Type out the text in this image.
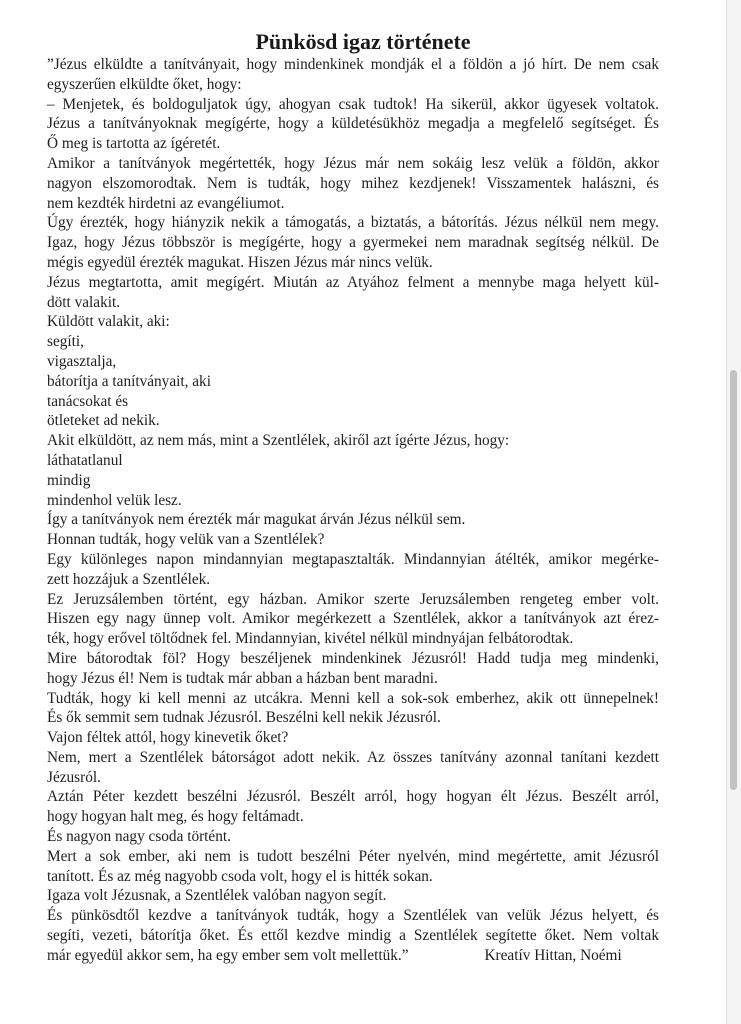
Pünkösd igaz története
”Jézus elküldte a tanítványait, hogy mindenkinek mondják el a földön a jó hírt. De nem csak
egyszerűen elküldte őket, hogy:
– Menjetek, és boldoguljatok úgy, ahogyan csak tudtok! Ha sikerül, akkor ügyesek voltatok.
Jézus a tanítványoknak megígérte, hogy a küldetésükhöz megadja a megfelelő segítséget. És
Ő meg is tartotta az ígéretét.
Amikor a tanítványok megértették, hogy Jézus már nem sokáig lesz velük a földön, akkor
nagyon elszomorodtak. Nem is tudták, hogy mihez kezdjenek! Visszamentek halászni, és
nem kezdték hirdetni az evangéliumot.
Úgy érezték, hogy hiányzik nekik a támogatás, a biztatás, a bátorítás. Jézus nélkül nem megy.
Igaz, hogy Jézus többször is megígérte, hogy a gyermekei nem maradnak segítség nélkül. De
mégis egyedül érezték magukat. Hiszen Jézus már nincs velük.
Jézus megtartotta, amit megígért. Miután az Atyához felment a mennybe maga helyett kül-
dött valakit.
Küldött valakit, aki:
segíti,
vigasztalja,
bátorítja a tanítványait, aki
tanácsokat és
ötleteket ad nekik.
Akit elküldött, az nem más, mint a Szentlélek, akiről azt ígérte Jézus, hogy:
láthatatlanul
mindig
mindenhol velük lesz.
Így a tanítványok nem érezték már magukat árván Jézus nélkül sem.
Honnan tudták, hogy velük van a Szentlélek?
Egy különleges napon mindannyian megtapasztalták. Mindannyian átélték, amikor megérke-
zett hozzájuk a Szentlélek.
Ez Jeruzsálemben történt, egy házban. Amikor szerte Jeruzsálemben rengeteg ember volt.
Hiszen egy nagy ünnep volt. Amikor megérkezett a Szentlélek, akkor a tanítványok azt érez-
ték, hogy erővel töltődnek fel. Mindannyian, kivétel nélkül mindnyájan felbátorodtak.
Mire bátorodtak föl? Hogy beszéljenek mindenkinek Jézusról! Hadd tudja meg mindenki,
hogy Jézus él! Nem is tudtak már abban a házban bent maradni.
Tudták, hogy ki kell menni az utcákra. Menni kell a sok-sok emberhez, akik ott ünnepelnek!
És ők semmit sem tudnak Jézusról. Beszélni kell nekik Jézusról.
Vajon féltek attól, hogy kinevetik őket?
Nem, mert a Szentlélek bátorságot adott nekik. Az összes tanítvány azonnal tanítani kezdett
Jézusról.
Aztán Péter kezdett beszélni Jézusról. Beszélt arról, hogy hogyan élt Jézus. Beszélt arról,
hogy hogyan halt meg, és hogy feltámadt.
És nagyon nagy csoda történt.
Mert a sok ember, aki nem is tudott beszélni Péter nyelvén, mind megértette, amit Jézusról
tanított. És az még nagyobb csoda volt, hogy el is hitték sokan.
Igaza volt Jézusnak, a Szentlélek valóban nagyon segít.
És pünkösdtől kezdve a tanítványok tudták, hogy a Szentlélek van velük Jézus helyett, és
segíti, vezeti, bátorítja őket. És ettől kezdve mindig a Szentlélek segítette őket. Nem voltak
már egyedül akkor sem, ha egy ember sem volt mellettük.”	Kreatív Hittan, Noémi
